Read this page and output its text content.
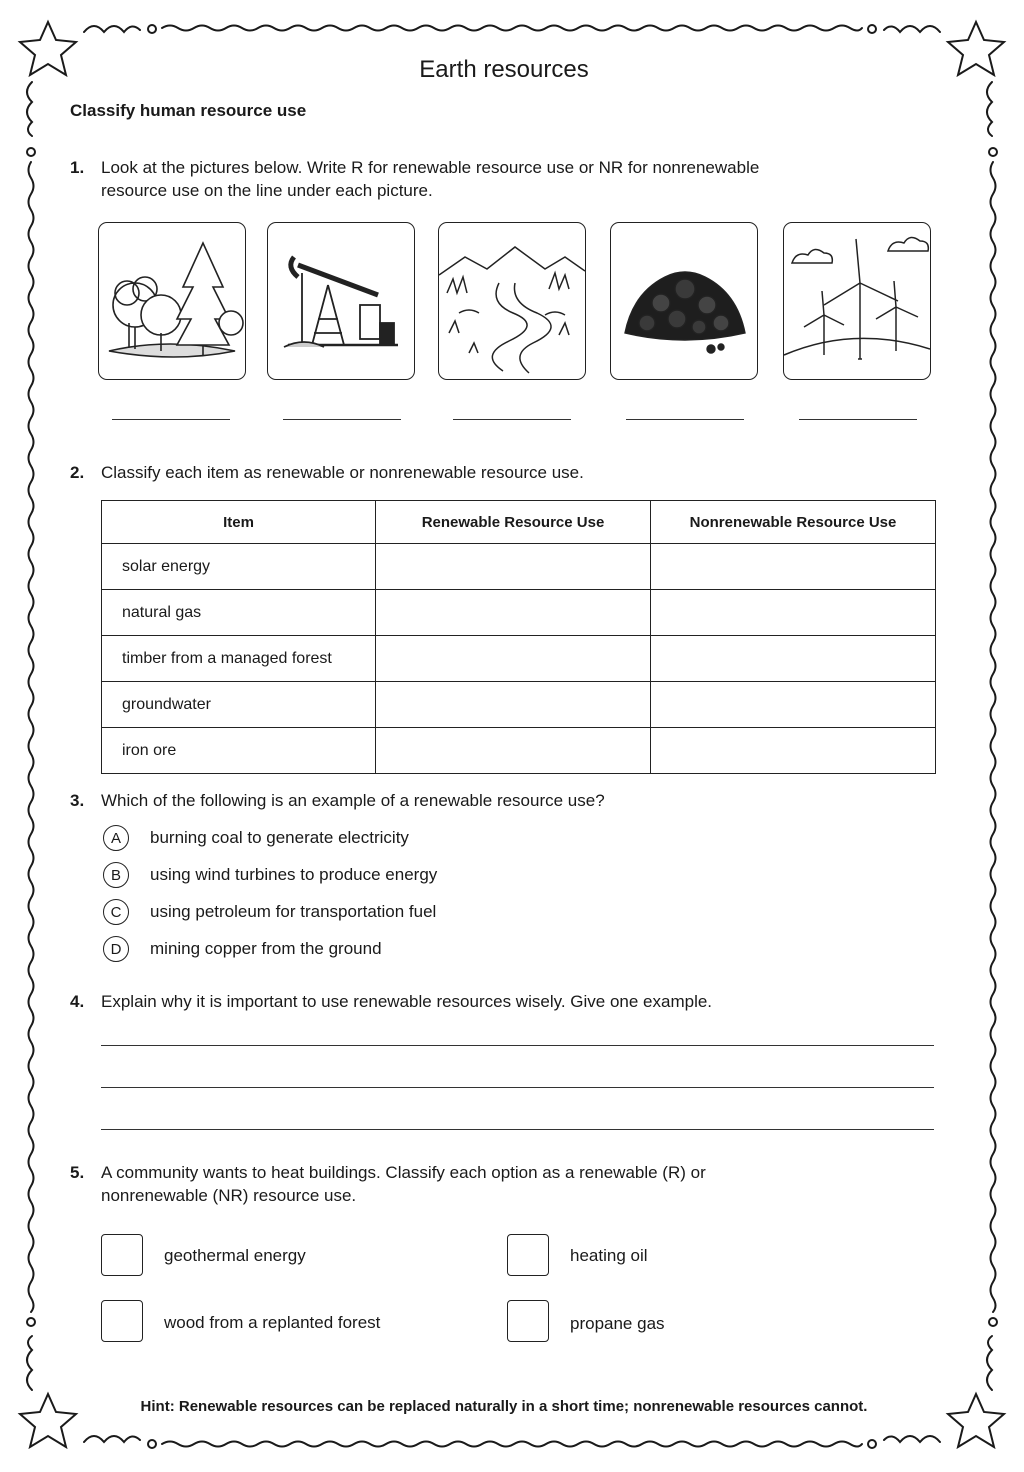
Earth resources
Classify human resource use
1. Look at the pictures below. Write R for renewable resource use or NR for nonrenewable
resource use on the line under each picture.
2. Classify each item as renewable or nonrenewable resource use.
Item	Renewable Resource Use	Nonrenewable Resource Use
solar energy		
natural gas		
timber from a managed forest		
groundwater		
iron ore		
3. Which of the following is an example of a renewable resource use?
A	burning coal to generate electricity
B	using wind turbines to produce energy
C	using petroleum for transportation fuel
D	mining copper from the ground
4. Explain why it is important to use renewable resources wisely. Give one example.
5. A community wants to heat buildings. Classify each option as a renewable (R) or
nonrenewable (NR) resource use.
geothermal energy	heating oil
wood from a replanted forest	propane gas
Hint: Renewable resources can be replaced naturally in a short time; nonrenewable resources cannot.
